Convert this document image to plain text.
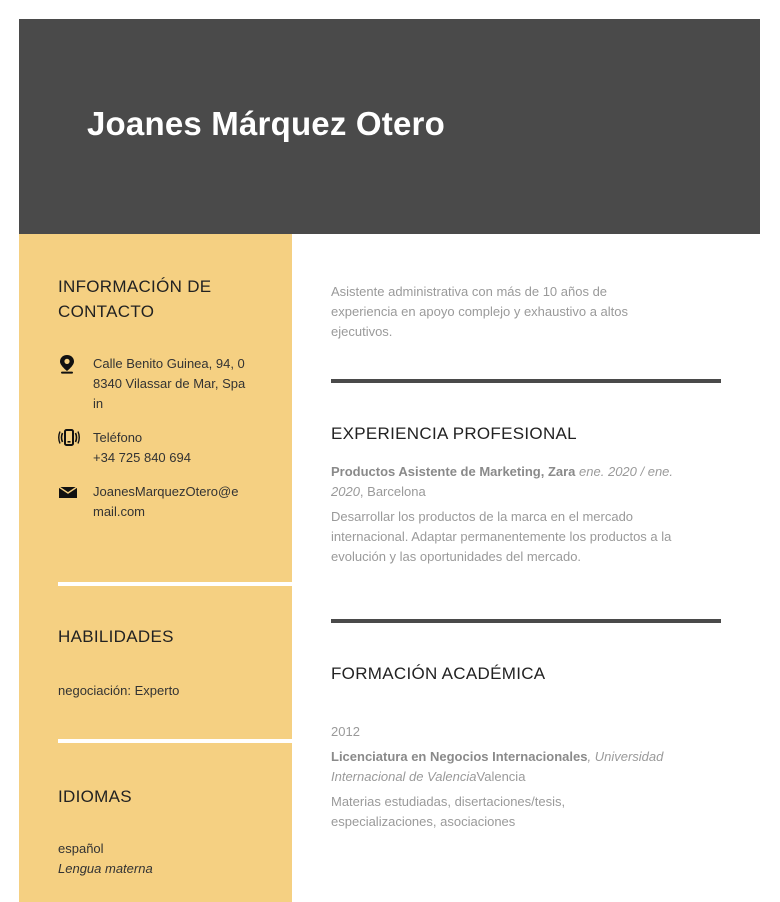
Joanes Márquez Otero
INFORMACIÓN DE CONTACTO
Calle Benito Guinea, 94, 08340 Vilassar de Mar, Spain
Teléfono
+34 725 840 694
JoanesMarquezOtero@email.com
HABILIDADES
negociación: Experto
IDIOMAS
español
Lengua materna
Asistente administrativa con más de 10 años de experiencia en apoyo complejo y exhaustivo a altos ejecutivos.
EXPERIENCIA PROFESIONAL
Productos Asistente de Marketing, Zara ene. 2020 / ene. 2020, Barcelona
Desarrollar los productos de la marca en el mercado internacional. Adaptar permanentemente los productos a la evolución y las oportunidades del mercado.
FORMACIÓN ACADÉMICA
2012
Licenciatura en Negocios Internacionales, Universidad Internacional de ValenciaValencia
Materias estudiadas, disertaciones/tesis, especializaciones, asociaciones
